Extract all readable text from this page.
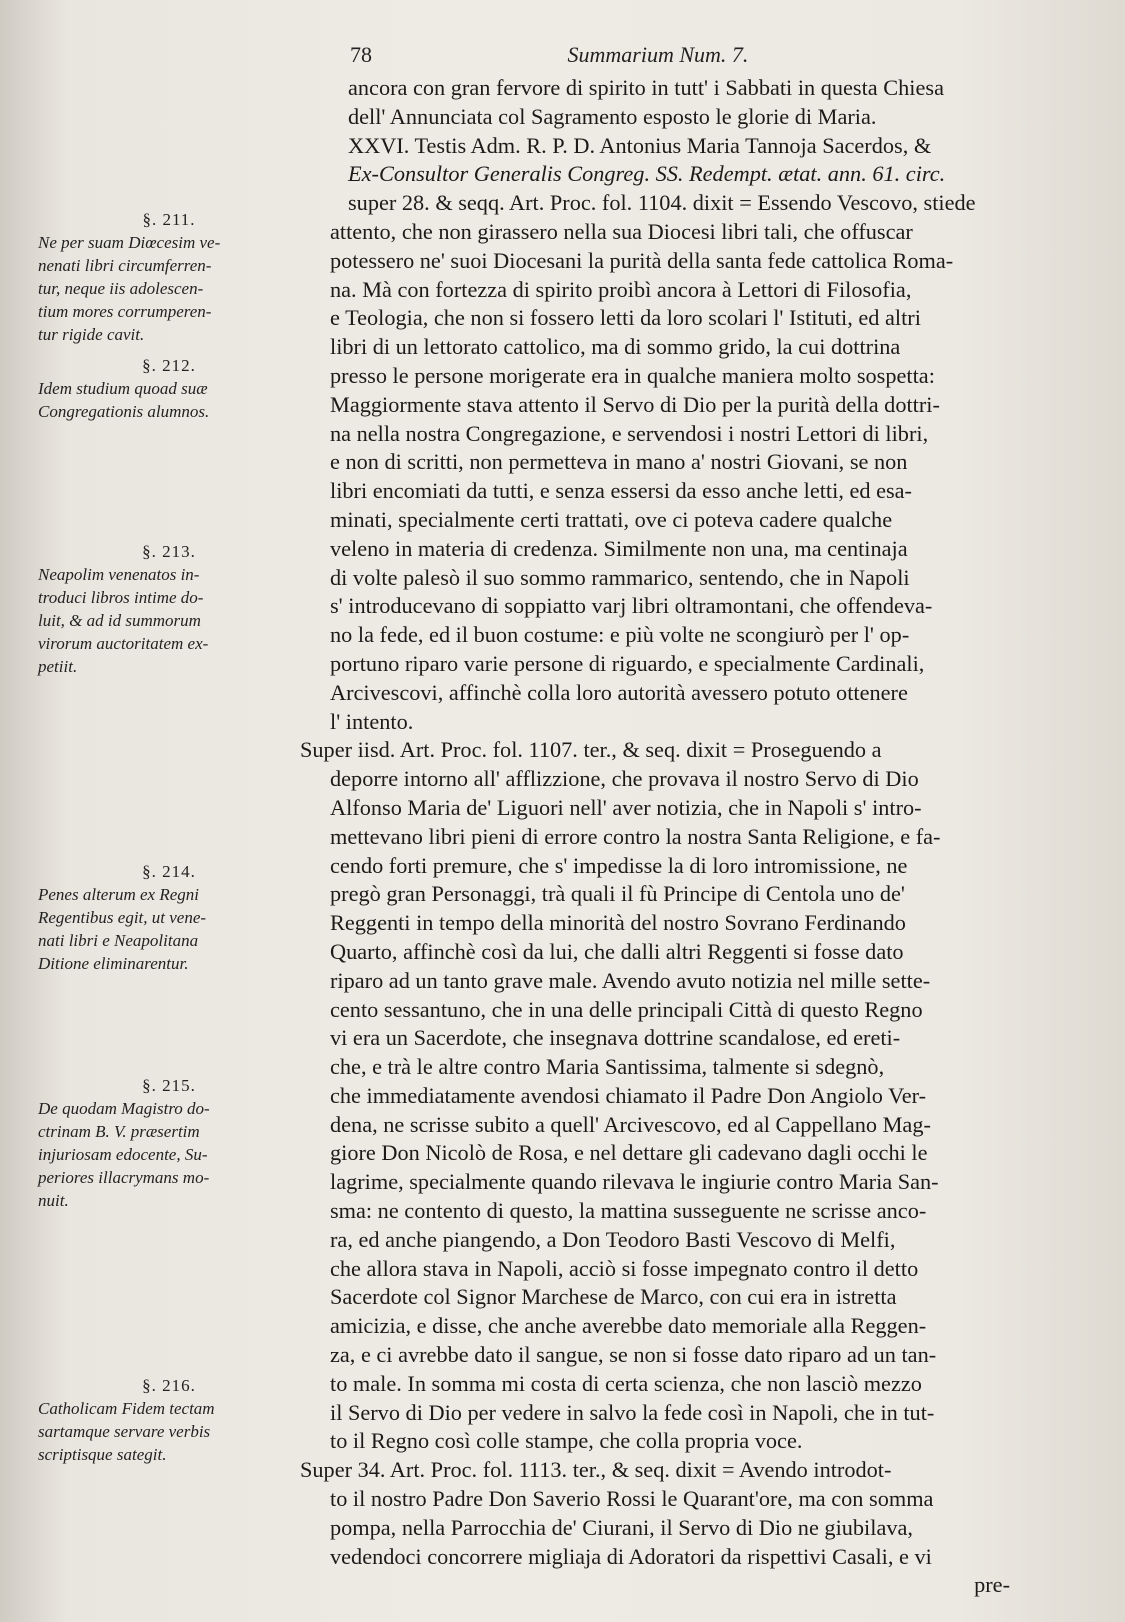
78	Summarium Num. 7.
§. 211.
Ne per suam Diœcesim ve-
nenati libri circumferren-
tur, neque iis adolescen-
tium mores corrumperen-
tur rigide cavit.
§. 212.
Idem studium quoad suæ
Congregationis alumnos.
§. 213.
Neapolim venenatos in-
troduci libros intime do-
luit, & ad id summorum
virorum auctoritatem ex-
petiit.
§. 214.
Penes alterum ex Regni
Regentibus egit, ut vene-
nati libri e Neapolitana
Ditione eliminarentur.
§. 215.
De quodam Magistro do-
ctrinam B. V. præsertim
injuriosam edocente, Su-
periores illacrymans mo-
nuit.
§. 216.
Catholicam Fidem tectam
sartamque servare verbis
scriptisque sategit.
ancora con gran fervore di spirito in tutt' i Sabbati in questa Chiesa
dell' Annunciata col Sagramento esposto le glorie di Maria.
XXVI. Testis Adm. R. P. D. Antonius Maria Tannoja Sacerdos, &
Ex-Consultor Generalis Congreg. SS. Redempt. ætat. ann. 61. circ.
super 28. & seqq. Art. Proc. fol. 1104. dixit = Essendo Vescovo, stiede
attento, che non girassero nella sua Diocesi libri tali, che offuscar
potessero ne' suoi Diocesani la purità della santa fede cattolica Roma-
na. Mà con fortezza di spirito proibì ancora à Lettori di Filosofia,
e Teologia, che non si fossero letti da loro scolari l' Istituti, ed altri
libri di un lettorato cattolico, ma di sommo grido, la cui dottrina
presso le persone morigerate era in qualche maniera molto sospetta:
Maggiormente stava attento il Servo di Dio per la purità della dottri-
na nella nostra Congregazione, e servendosi i nostri Lettori di libri,
e non di scritti, non permetteva in mano a' nostri Giovani, se non
libri encomiati da tutti, e senza essersi da esso anche letti, ed esa-
minati, specialmente certi trattati, ove ci poteva cadere qualche
veleno in materia di credenza. Similmente non una, ma centinaja
di volte palesò il suo sommo rammarico, sentendo, che in Napoli
s' introducevano di soppiatto varj libri oltramontani, che offendeva-
no la fede, ed il buon costume: e più volte ne scongiurò per l' op-
portuno riparo varie persone di riguardo, e specialmente Cardinali,
Arcivescovi, affinchè colla loro autorità avessero potuto ottenere
l' intento.
Super iisd. Art. Proc. fol. 1107. ter., & seq. dixit = Proseguendo a
deporre intorno all' afflizzione, che provava il nostro Servo di Dio
Alfonso Maria de' Liguori nell' aver notizia, che in Napoli s' intro-
mettevano libri pieni di errore contro la nostra Santa Religione, e fa-
cendo forti premure, che s' impedisse la di loro intromissione, ne
pregò gran Personaggi, trà quali il fù Principe di Centola uno de'
Reggenti in tempo della minorità del nostro Sovrano Ferdinando
Quarto, affinchè così da lui, che dalli altri Reggenti si fosse dato
riparo ad un tanto grave male. Avendo avuto notizia nel mille sette-
cento sessantuno, che in una delle principali Città di questo Regno
vi era un Sacerdote, che insegnava dottrine scandalose, ed ereti-
che, e trà le altre contro Maria Santissima, talmente si sdegnò,
che immediatamente avendosi chiamato il Padre Don Angiolo Ver-
dena, ne scrisse subito a quell' Arcivescovo, ed al Cappellano Mag-
giore Don Nicolò de Rosa, e nel dettare gli cadevano dagli occhi le
lagrime, specialmente quando rilevava le ingiurie contro Maria San-
sma: ne contento di questo, la mattina susseguente ne scrisse anco-
ra, ed anche piangendo, a Don Teodoro Basti Vescovo di Melfi,
che allora stava in Napoli, acciò si fosse impegnato contro il detto
Sacerdote col Signor Marchese de Marco, con cui era in istretta
amicizia, e disse, che anche averebbe dato memoriale alla Reggen-
za, e ci avrebbe dato il sangue, se non si fosse dato riparo ad un tan-
to male. In somma mi costa di certa scienza, che non lasciò mezzo
il Servo di Dio per vedere in salvo la fede così in Napoli, che in tut-
to il Regno così colle stampe, che colla propria voce.
Super 34. Art. Proc. fol. 1113. ter., & seq. dixit = Avendo introdot-
to il nostro Padre Don Saverio Rossi le Quarant'ore, ma con somma
pompa, nella Parrocchia de' Ciurani, il Servo di Dio ne giubilava,
vedendoci concorrere migliaja di Adoratori da rispettivi Casali, e vi
pre-
